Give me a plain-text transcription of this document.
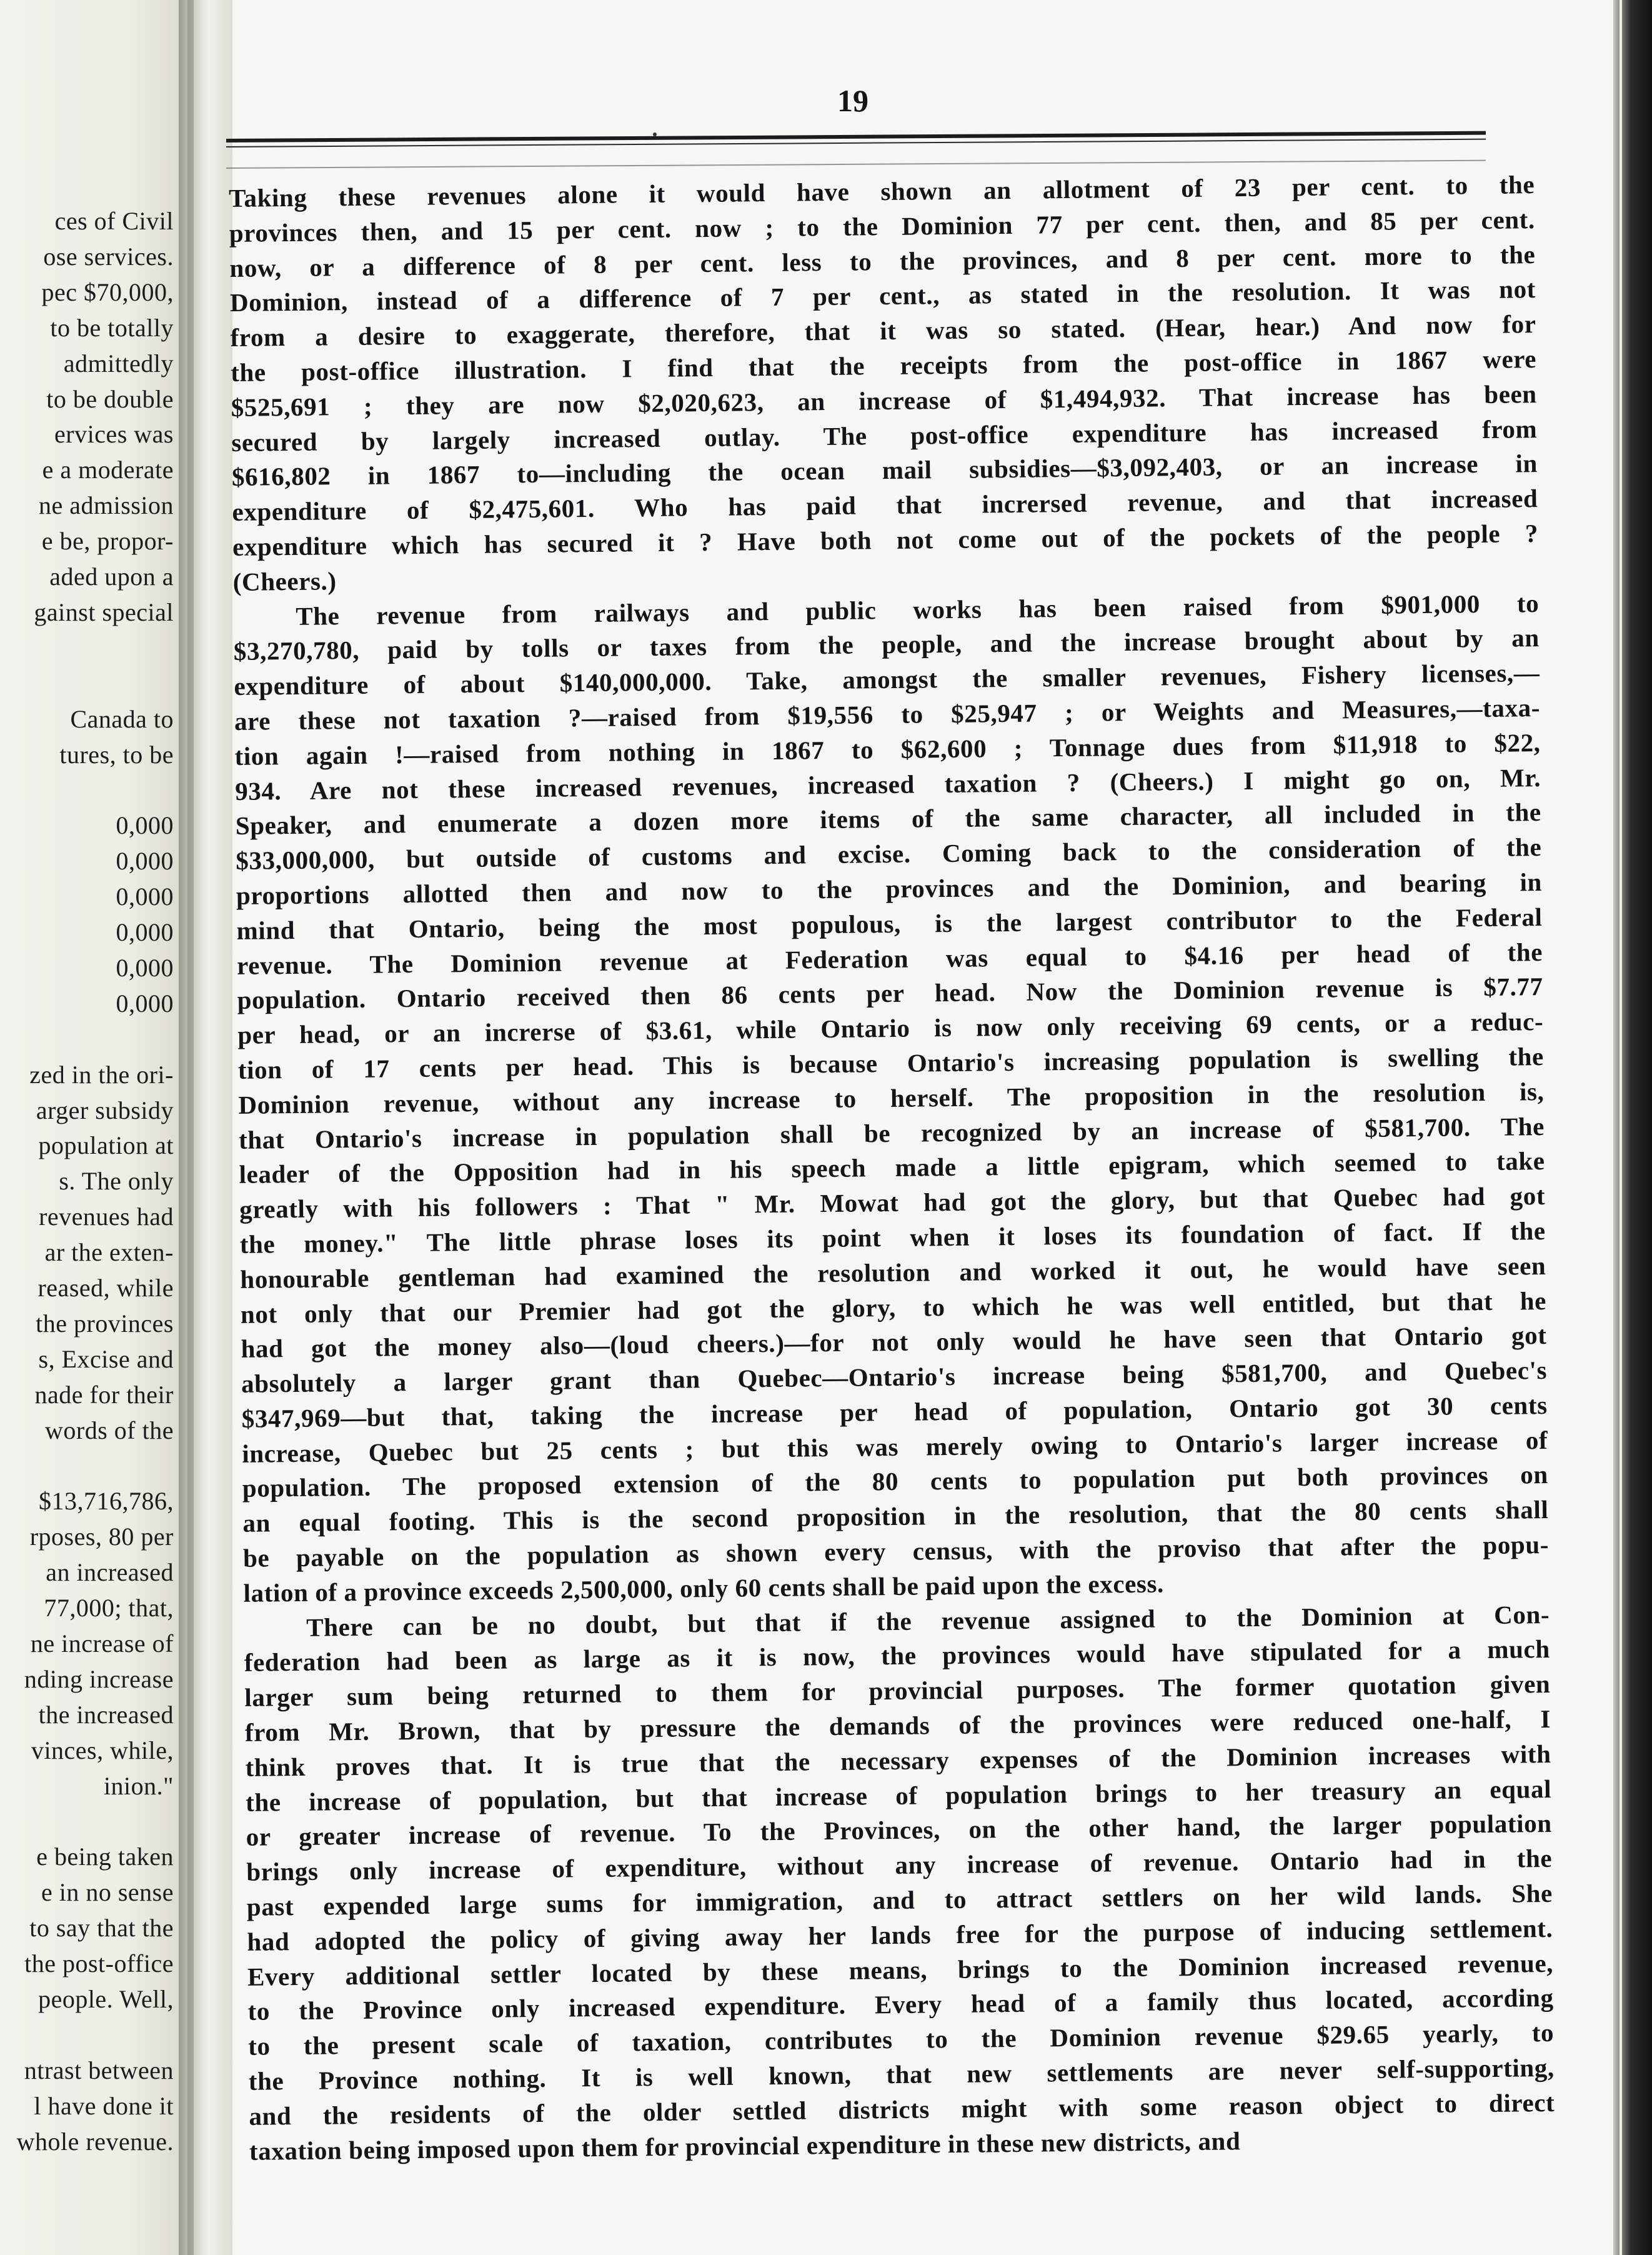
ces of Civil
ose services.
pec $70,000,
to be totally
admittedly
to be double
ervices was
e a moderate
ne admission
e be, propor-
aded upon a
gainst special
Canada to
tures, to be
0,000
0,000
0,000
0,000
0,000
0,000
zed in the ori-
arger subsidy
population at
s. The only
revenues had
ar the exten-
reased, while
the provinces
s, Excise and
nade for their
words of the
$13,716,786,
rposes, 80 per
an increased
77,000; that,
ne increase of
nding increase
the increased
vinces, while,
inion."
e being taken
e in no sense
to say that the
the post-office
people. Well,
ntrast between
l have done it
whole revenue.
19
Taking these revenues alone it would have shown an allotment of 23 per cent. to the
provinces then, and 15 per cent. now ; to the Dominion 77 per cent. then, and 85 per cent.
now, or a difference of 8 per cent. less to the provinces, and 8 per cent. more to the
Dominion, instead of a difference of 7 per cent., as stated in the resolution. It was not
from a desire to exaggerate, therefore, that it was so stated. (Hear, hear.) And now for
the post-office illustration. I find that the receipts from the post-office in 1867 were
$525,691 ; they are now $2,020,623, an increase of $1,494,932. That increase has been
secured by largely increased outlay. The post-office expenditure has increased from
$616,802 in 1867 to—including the ocean mail subsidies—$3,092,403, or an increase in
expenditure of $2,475,601. Who has paid that incrersed revenue, and that increased
expenditure which has secured it ? Have both not come out of the pockets of the people ?
(Cheers.)
The revenue from railways and public works has been raised from $901,000 to
$3,270,780, paid by tolls or taxes from the people, and the increase brought about by an
expenditure of about $140,000,000. Take, amongst the smaller revenues, Fishery licenses,—
are these not taxation ?—raised from $19,556 to $25,947 ; or Weights and Measures,—taxa-
tion again !—raised from nothing in 1867 to $62,600 ; Tonnage dues from $11,918 to $22,
934. Are not these increased revenues, increased taxation ? (Cheers.) I might go on, Mr.
Speaker, and enumerate a dozen more items of the same character, all included in the
$33,000,000, but outside of customs and excise. Coming back to the consideration of the
proportions allotted then and now to the provinces and the Dominion, and bearing in
mind that Ontario, being the most populous, is the largest contributor to the Federal
revenue. The Dominion revenue at Federation was equal to $4.16 per head of the
population. Ontario received then 86 cents per head. Now the Dominion revenue is $7.77
per head, or an increrse of $3.61, while Ontario is now only receiving 69 cents, or a reduc-
tion of 17 cents per head. This is because Ontario's increasing population is swelling the
Dominion revenue, without any increase to herself. The proposition in the resolution is,
that Ontario's increase in population shall be recognized by an increase of $581,700. The
leader of the Opposition had in his speech made a little epigram, which seemed to take
greatly with his followers : That " Mr. Mowat had got the glory, but that Quebec had got
the money." The little phrase loses its point when it loses its foundation of fact. If the
honourable gentleman had examined the resolution and worked it out, he would have seen
not only that our Premier had got the glory, to which he was well entitled, but that he
had got the money also—(loud cheers.)—for not only would he have seen that Ontario got
absolutely a larger grant than Quebec—Ontario's increase being $581,700, and Quebec's
$347,969—but that, taking the increase per head of population, Ontario got 30 cents
increase, Quebec but 25 cents ; but this was merely owing to Ontario's larger increase of
population. The proposed extension of the 80 cents to population put both provinces on
an equal footing. This is the second proposition in the resolution, that the 80 cents shall
be payable on the population as shown every census, with the proviso that after the popu-
lation of a province exceeds 2,500,000, only 60 cents shall be paid upon the excess.
There can be no doubt, but that if the revenue assigned to the Dominion at Con-
federation had been as large as it is now, the provinces would have stipulated for a much
larger sum being returned to them for provincial purposes. The former quotation given
from Mr. Brown, that by pressure the demands of the provinces were reduced one-half, I
think proves that. It is true that the necessary expenses of the Dominion increases with
the increase of population, but that increase of population brings to her treasury an equal
or greater increase of revenue. To the Provinces, on the other hand, the larger population
brings only increase of expenditure, without any increase of revenue. Ontario had in the
past expended large sums for immigration, and to attract settlers on her wild lands. She
had adopted the policy of giving away her lands free for the purpose of inducing settlement.
Every additional settler located by these means, brings to the Dominion increased revenue,
to the Province only increased expenditure. Every head of a family thus located, according
to the present scale of taxation, contributes to the Dominion revenue $29.65 yearly, to
the Province nothing. It is well known, that new settlements are never self-supporting,
and the residents of the older settled districts might with some reason object to direct
taxation being imposed upon them for provincial expenditure in these new districts, and
